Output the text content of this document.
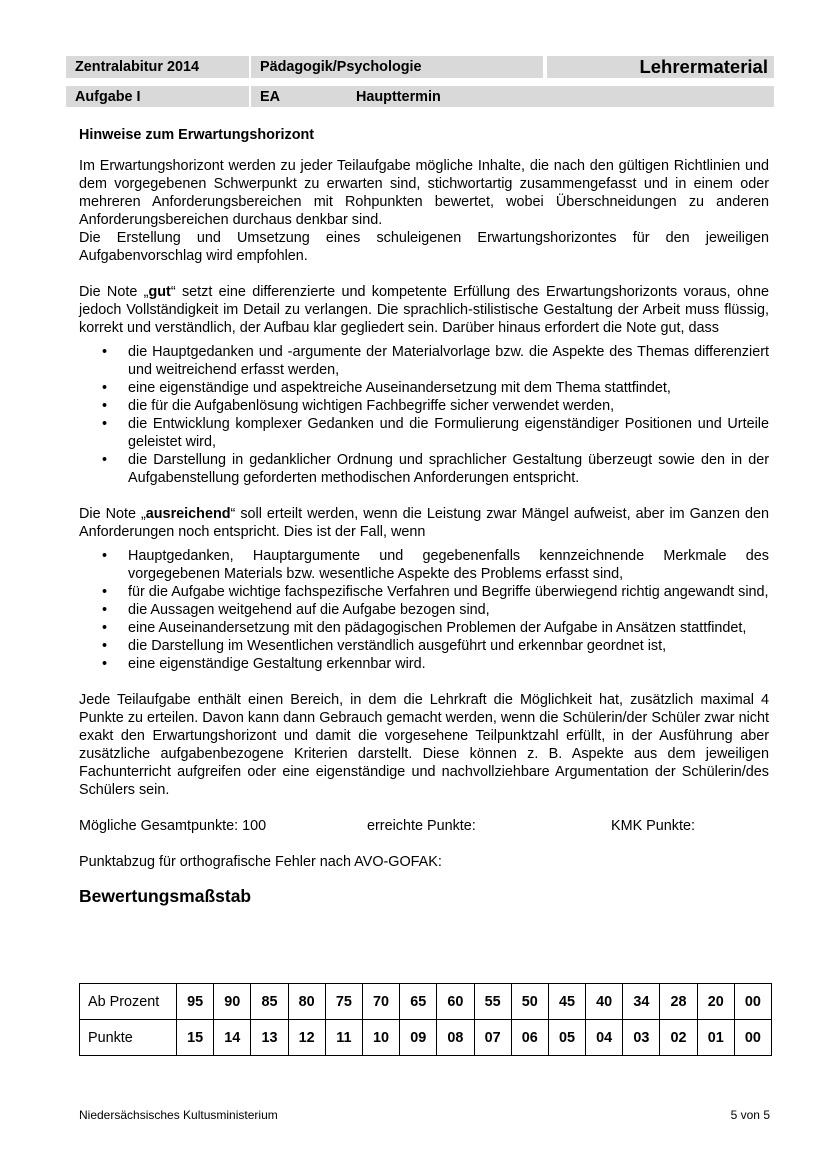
Zentralabitur 2014	Pädagogik/Psychologie	Lehrermaterial
Aufgabe I	EA	Haupttermin

Hinweise zum Erwartungshorizont

Im Erwartungshorizont werden zu jeder Teilaufgabe mögliche Inhalte, die nach den gültigen Richtlinien und dem vorgegebenen Schwerpunkt zu erwarten sind, stichwortartig zusammengefasst und in einem oder mehreren Anforderungsbereichen mit Rohpunkten bewertet, wobei Überschneidungen zu anderen Anforderungsbereichen durchaus denkbar sind.

Die Erstellung und Umsetzung eines schuleigenen Erwartungshorizontes für den jeweiligen Aufgabenvorschlag wird empfohlen.

Die Note „gut“ setzt eine differenzierte und kompetente Erfüllung des Erwartungshorizonts voraus, ohne jedoch Vollständigkeit im Detail zu verlangen. Die sprachlich-stilistische Gestaltung der Arbeit muss flüssig, korrekt und verständlich, der Aufbau klar gegliedert sein. Darüber hinaus erfordert die Note gut, dass

• die Hauptgedanken und -argumente der Materialvorlage bzw. die Aspekte des Themas differenziert und weitreichend erfasst werden,
• eine eigenständige und aspektreiche Auseinandersetzung mit dem Thema stattfindet,
• die für die Aufgabenlösung wichtigen Fachbegriffe sicher verwendet werden,
• die Entwicklung komplexer Gedanken und die Formulierung eigenständiger Positionen und Urteile geleistet wird,
• die Darstellung in gedanklicher Ordnung und sprachlicher Gestaltung überzeugt sowie den in der Aufgabenstellung geforderten methodischen Anforderungen entspricht.

Die Note „ausreichend“ soll erteilt werden, wenn die Leistung zwar Mängel aufweist, aber im Ganzen den Anforderungen noch entspricht. Dies ist der Fall, wenn

• Hauptgedanken, Hauptargumente und gegebenenfalls kennzeichnende Merkmale des vorgegebenen Materials bzw. wesentliche Aspekte des Problems erfasst sind,
• für die Aufgabe wichtige fachspezifische Verfahren und Begriffe überwiegend richtig angewandt sind,
• die Aussagen weitgehend auf die Aufgabe bezogen sind,
• eine Auseinandersetzung mit den pädagogischen Problemen der Aufgabe in Ansätzen stattfindet,
• die Darstellung im Wesentlichen verständlich ausgeführt und erkennbar geordnet ist,
• eine eigenständige Gestaltung erkennbar wird.

Jede Teilaufgabe enthält einen Bereich, in dem die Lehrkraft die Möglichkeit hat, zusätzlich maximal 4 Punkte zu erteilen. Davon kann dann Gebrauch gemacht werden, wenn die Schülerin/der Schüler zwar nicht exakt den Erwartungshorizont und damit die vorgesehene Teilpunktzahl erfüllt, in der Ausführung aber zusätzliche aufgabenbezogene Kriterien darstellt. Diese können z. B. Aspekte aus dem jeweiligen Fachunterricht aufgreifen oder eine eigenständige und nachvollziehbare Argumentation der Schülerin/des Schülers sein.

Mögliche Gesamtpunkte: 100	erreichte Punkte:	KMK Punkte:

Punktabzug für orthografische Fehler nach AVO-GOFAK:

Bewertungsmaßstab

Ab Prozent	95	90	85	80	75	70	65	60	55	50	45	40	34	28	20	00
Punkte	15	14	13	12	11	10	09	08	07	06	05	04	03	02	01	00
Niedersächsisches Kultusministerium	5 von 5
